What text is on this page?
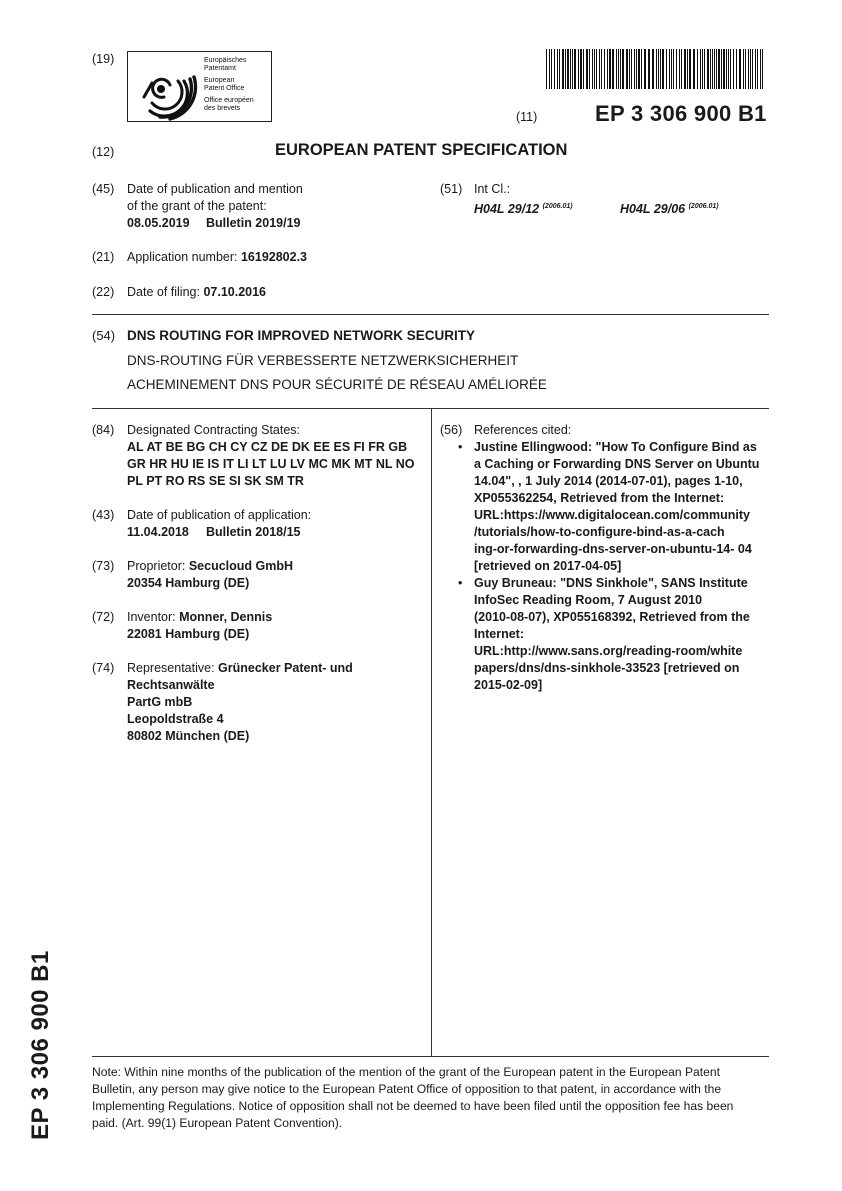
(19)	Europäisches
Patentamt
European
Patent Office
Office européen
des brevets
(11)	EP 3 306 900 B1
(12)	EUROPEAN PATENT SPECIFICATION
(45) Date of publication and mention
of the grant of the patent:
08.05.2019 Bulletin 2019/19
(51) Int Cl.:
H04L 29/12 $^{(2006.01)}$	H04L 29/06 $^{(2006.01)}$
(21) Application number: 16192802.3
(22) Date of filing: 07.10.2016
(54) DNS ROUTING FOR IMPROVED NETWORK SECURITY
DNS-ROUTING FÜR VERBESSERTE NETZWERKSICHERHEIT
ACHEMINEMENT DNS POUR SÉCURITÉ DE RÉSEAU AMÉLIORÉE
(84) Designated Contracting States:
AL AT BE BG CH CY CZ DE DK EE ES FI FR GB
GR HR HU IE IS IT LI LT LU LV MC MK MT NL NO
PL PT RO RS SE SI SK SM TR
(43) Date of publication of application:
11.04.2018 Bulletin 2018/15
(73) Proprietor: Secucloud GmbH
20354 Hamburg (DE)
(72) Inventor: Monner, Dennis
22081 Hamburg (DE)
(74) Representative: Grünecker Patent- und
Rechtsanwälte
PartG mbB
Leopoldstraße 4
80802 München (DE)
(56) References cited:
• Justine Ellingwood: "How To Configure Bind as
a Caching or Forwarding DNS Server on Ubuntu
14.04", , 1 July 2014 (2014-07-01), pages 1-10,
XP055362254, Retrieved from the Internet:
URL:https://www.digitalocean.com/community
/tutorials/how-to-configure-bind-as-a-cach
ing-or-forwarding-dns-server-on-ubuntu-14- 04
[retrieved on 2017-04-05]
• Guy Bruneau: "DNS Sinkhole", SANS Institute
InfoSec Reading Room, 7 August 2010
(2010-08-07), XP055168392, Retrieved from the
Internet:
URL:http://www.sans.org/reading-room/white
papers/dns/dns-sinkhole-33523 [retrieved on
2015-02-09]
Note: Within nine months of the publication of the mention of the grant of the European patent in the European Patent
Bulletin, any person may give notice to the European Patent Office of opposition to that patent, in accordance with the
Implementing Regulations. Notice of opposition shall not be deemed to have been filed until the opposition fee has been
paid. (Art. 99(1) European Patent Convention).
EP 3 306 900 B1
